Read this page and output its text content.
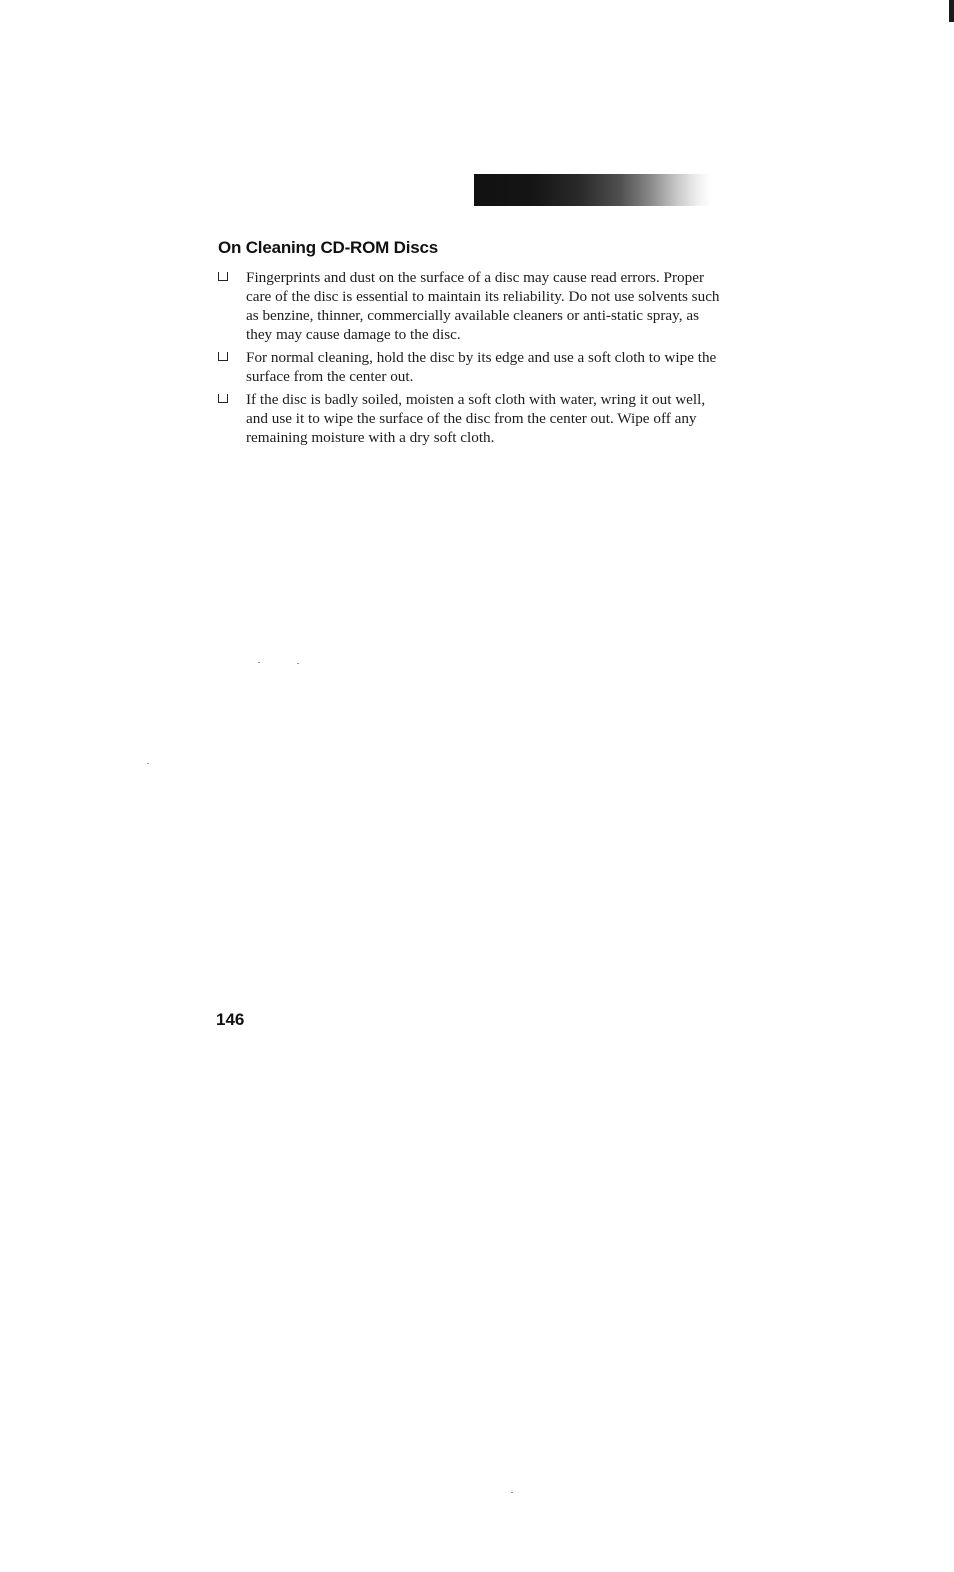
On Cleaning CD-ROM Discs
Fingerprints and dust on the surface of a disc may cause read errors. Proper care of the disc is essential to maintain its reliability. Do not use solvents such as benzine, thinner, commercially available cleaners or anti-static spray, as they may cause damage to the disc.
For normal cleaning, hold the disc by its edge and use a soft cloth to wipe the surface from the center out.
If the disc is badly soiled, moisten a soft cloth with water, wring it out well, and use it to wipe the surface of the disc from the center out. Wipe off any remaining moisture with a dry soft cloth.
146
